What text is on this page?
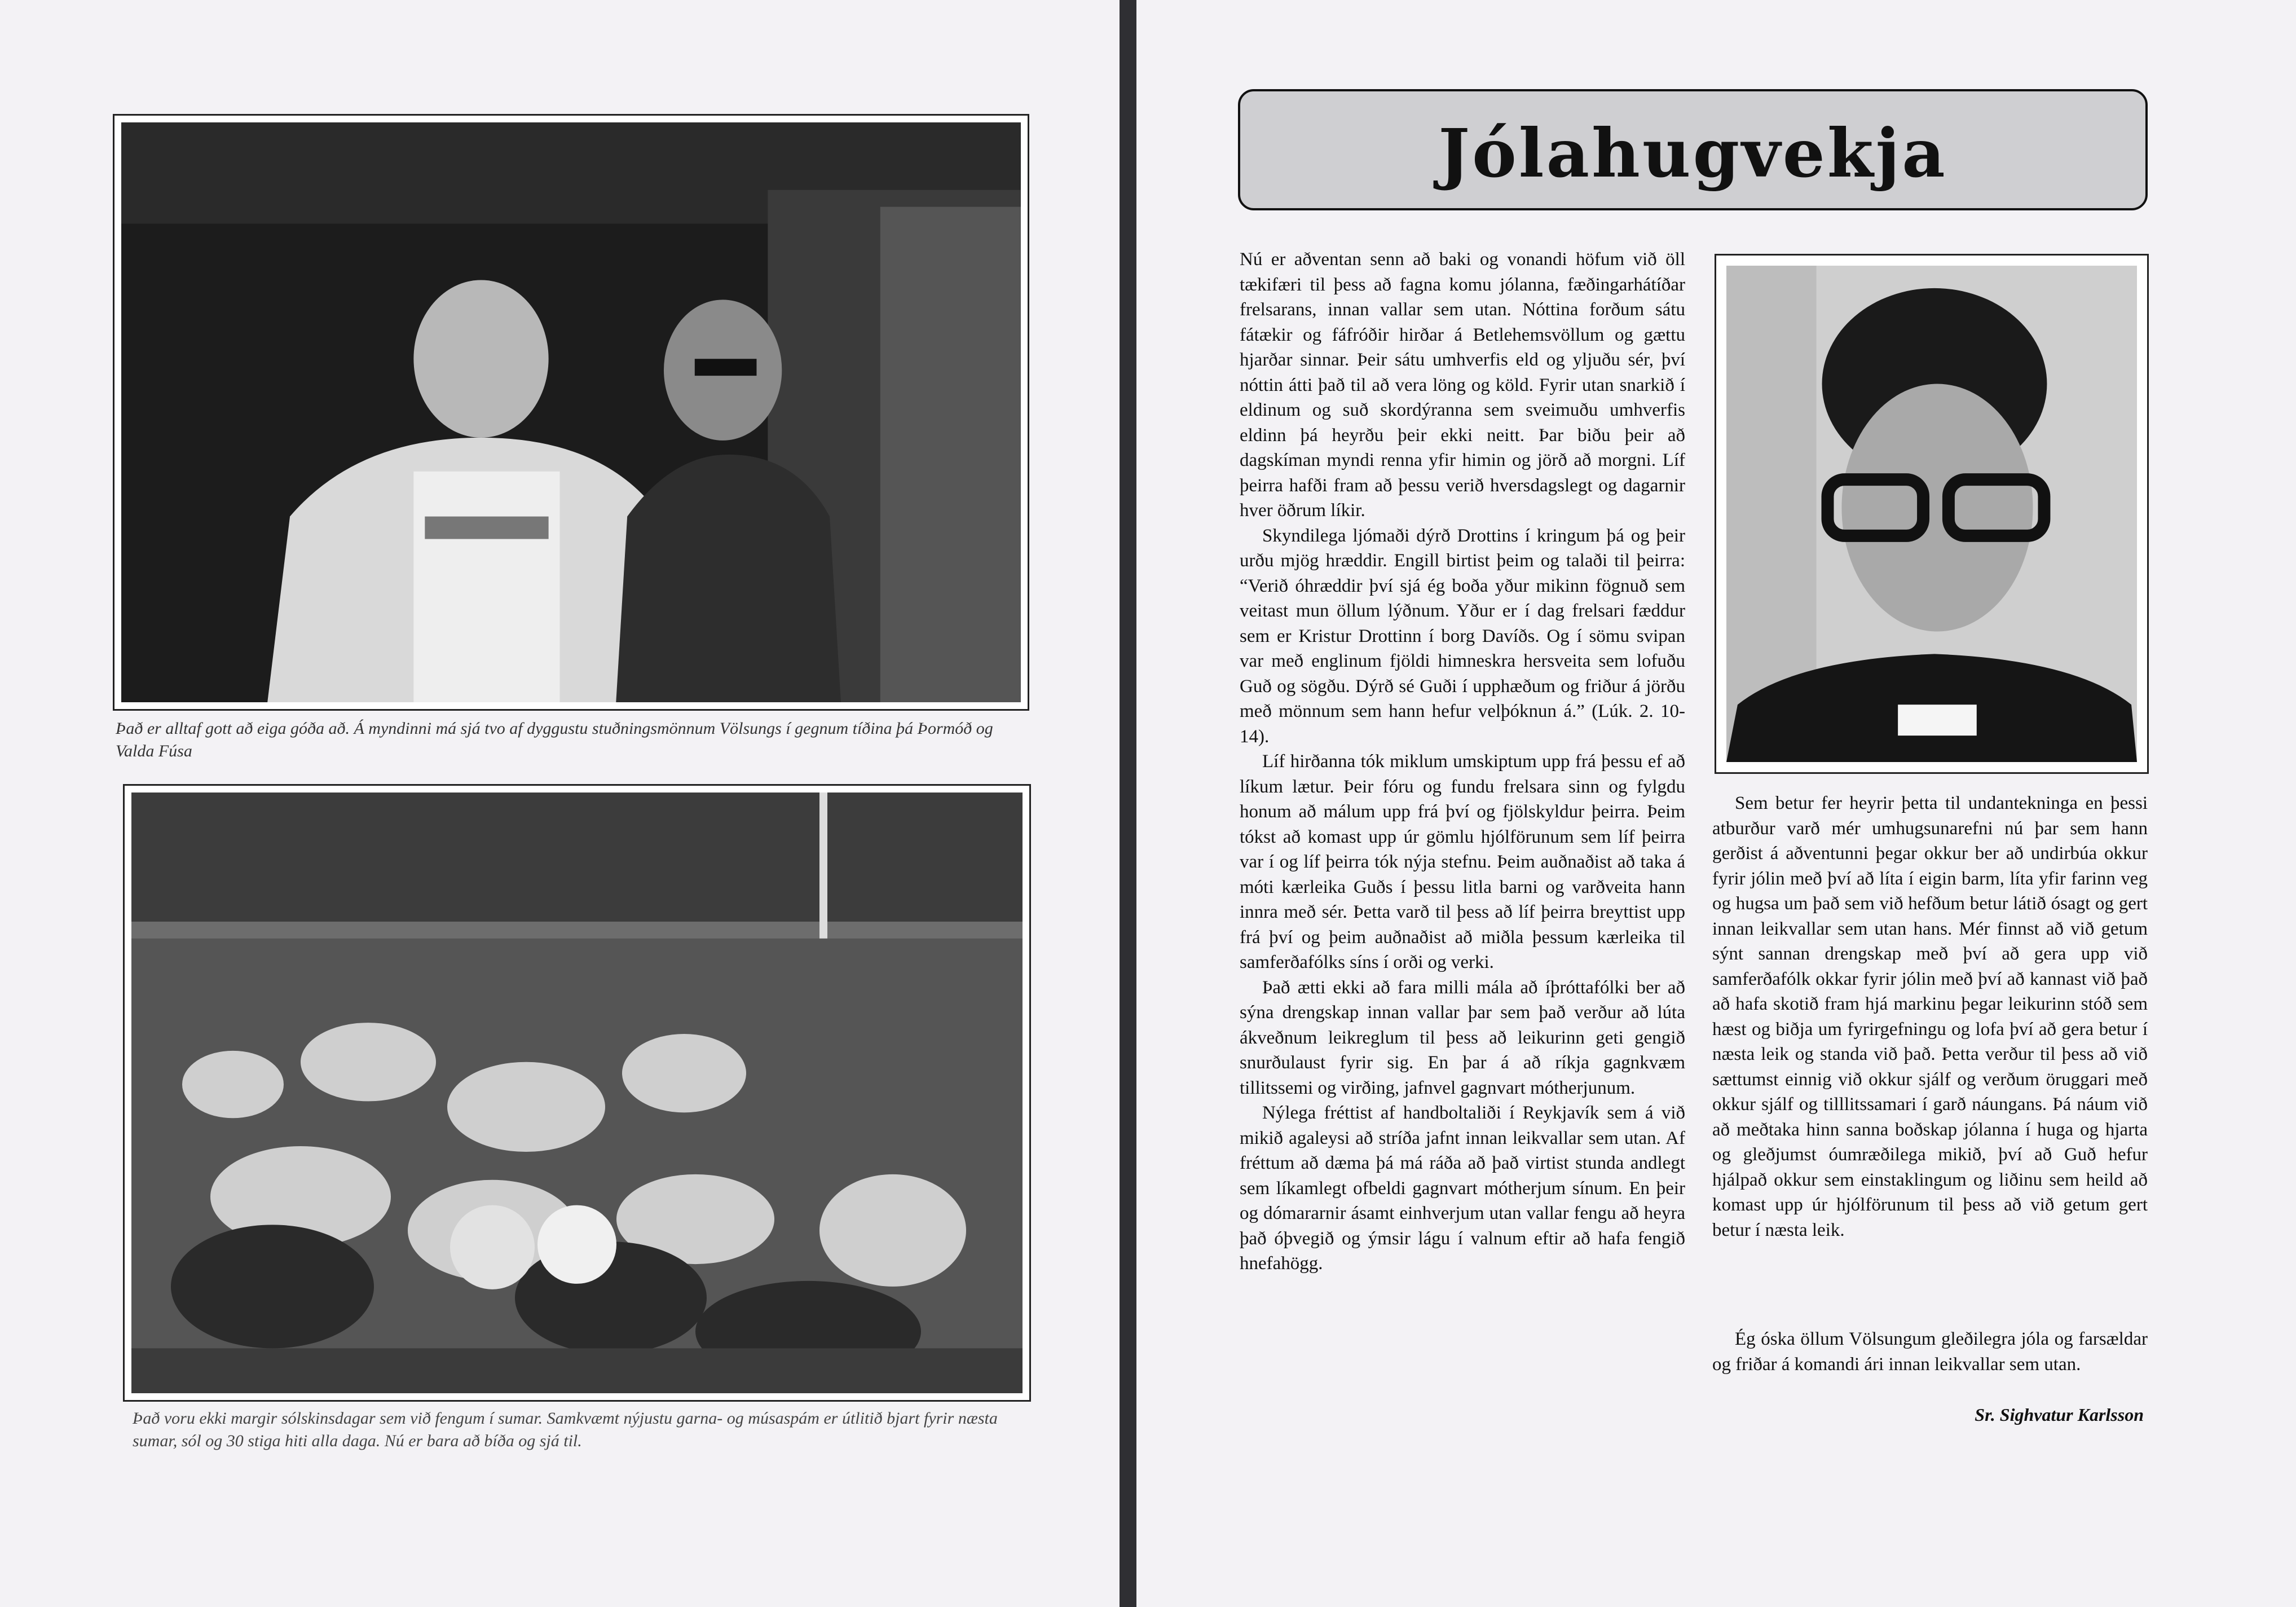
Það er alltaf gott að eiga góða að. Á myndinni má sjá tvo af dyggustu stuðningsmönnum Völsungs í gegnum tíðina þá Þormóð og Valda Fúsa
Það voru ekki margir sólskinsdagar sem við fengum í sumar. Samkvæmt nýjustu garna- og músaspám er útlitið bjart fyrir næsta sumar, sól og 30 stiga hiti alla daga. Nú er bara að bíða og sjá til.
Jólahugvekja

Nú er aðventan senn að baki og vonandi höfum við öll tækifæri til þess að fagna komu jólanna, fæðingarhátíðar frelsarans, innan vallar sem utan. Nóttina forðum sátu fátækir og fáfróðir hirðar á Betlehemsvöllum og gættu hjarðar sinnar. Þeir sátu umhverfis eld og yljuðu sér, því nóttin átti það til að vera löng og köld. Fyrir utan snarkið í eldinum og suð skordýranna sem sveimuðu umhverfis eldinn þá heyrðu þeir ekki neitt. Þar biðu þeir að dagskíman myndi renna yfir himin og jörð að morgni. Líf þeirra hafði fram að þessu verið hversdagslegt og dagarnir hver öðrum líkir.

Skyndilega ljómaði dýrð Drottins í kringum þá og þeir urðu mjög hræddir. Engill birtist þeim og talaði til þeirra: “Verið óhræddir því sjá ég boða yður mikinn fögnuð sem veitast mun öllum lýðnum. Yður er í dag frelsari fæddur sem er Kristur Drottinn í borg Davíðs. Og í sömu svipan var með englinum fjöldi himneskra hersveita sem lofuðu Guð og sögðu. Dýrð sé Guði í upphæðum og friður á jörðu með mönnum sem hann hefur velþóknun á.” (Lúk. 2. 10-14).

Líf hirðanna tók miklum umskiptum upp frá þessu ef að líkum lætur. Þeir fóru og fundu frelsara sinn og fylgdu honum að málum upp frá því og fjölskyldur þeirra. Þeim tókst að komast upp úr gömlu hjólförunum sem líf þeirra var í og líf þeirra tók nýja stefnu. Þeim auðnaðist að taka á móti kærleika Guðs í þessu litla barni og varðveita hann innra með sér. Þetta varð til þess að líf þeirra breyttist upp frá því og þeim auðnaðist að miðla þessum kærleika til samferðafólks síns í orði og verki.

Það ætti ekki að fara milli mála að íþróttafólki ber að sýna drengskap innan vallar þar sem það verður að lúta ákveðnum leikreglum til þess að leikurinn geti gengið snurðulaust fyrir sig. En þar á að ríkja gagnkvæm tillitssemi og virðing, jafnvel gagnvart mótherjunum.

Nýlega fréttist af handboltaliði í Reykjavík sem á við mikið agaleysi að stríða jafnt innan leikvallar sem utan. Af fréttum að dæma þá má ráða að það virtist stunda andlegt sem líkamlegt ofbeldi gagnvart mótherjum sínum. En þeir og dómararnir ásamt einhverjum utan vallar fengu að heyra það óþvegið og ýmsir lágu í valnum eftir að hafa fengið hnefahögg.

Sem betur fer heyrir þetta til undantekninga en þessi atburður varð mér umhugsunarefni nú þar sem hann gerðist á aðventunni þegar okkur ber að undirbúa okkur fyrir jólin með því að líta í eigin barm, líta yfir farinn veg og hugsa um það sem við hefðum betur látið ósagt og gert innan leikvallar sem utan hans. Mér finnst að við getum sýnt sannan drengskap með því að gera upp við samferðafólk okkar fyrir jólin með því að kannast við það að hafa skotið fram hjá markinu þegar leikurinn stóð sem hæst og biðja um fyrirgefningu og lofa því að gera betur í næsta leik og standa við það. Þetta verður til þess að við sættumst einnig við okkur sjálf og verðum öruggari með okkur sjálf og tilllitssamari í garð náungans. Þá náum við að meðtaka hinn sanna boðskap jólanna í huga og hjarta og gleðjumst óumræðilega mikið, því að Guð hefur hjálpað okkur sem einstaklingum og liðinu sem heild að komast upp úr hjólförunum til þess að við getum gert betur í næsta leik.

Ég óska öllum Völsungum gleðilegra jóla og farsældar og friðar á komandi ári innan leikvallar sem utan.
Sr. Sighvatur Karlsson
